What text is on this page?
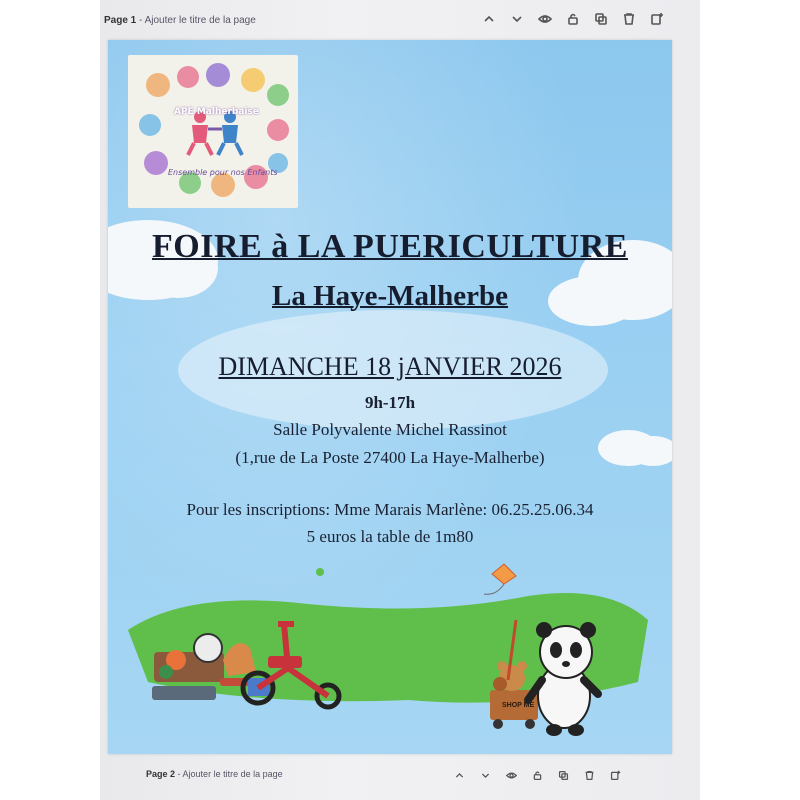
Page 1 - Ajouter le titre de la page
APE Malherbaise
Ensemble pour nos Enfants
FOIRE à LA PUERICULTURE
La Haye-Malherbe
DIMANCHE 18 jANVIER 2026
9h-17h
Salle Polyvalente Michel Rassinot
(1,rue de La Poste 27400 La Haye-Malherbe)
Pour les inscriptions: Mme Marais Marlène: 06.25.25.06.34
5 euros la table de 1m80
SHOP ME
Page 2 - Ajouter le titre de la page
